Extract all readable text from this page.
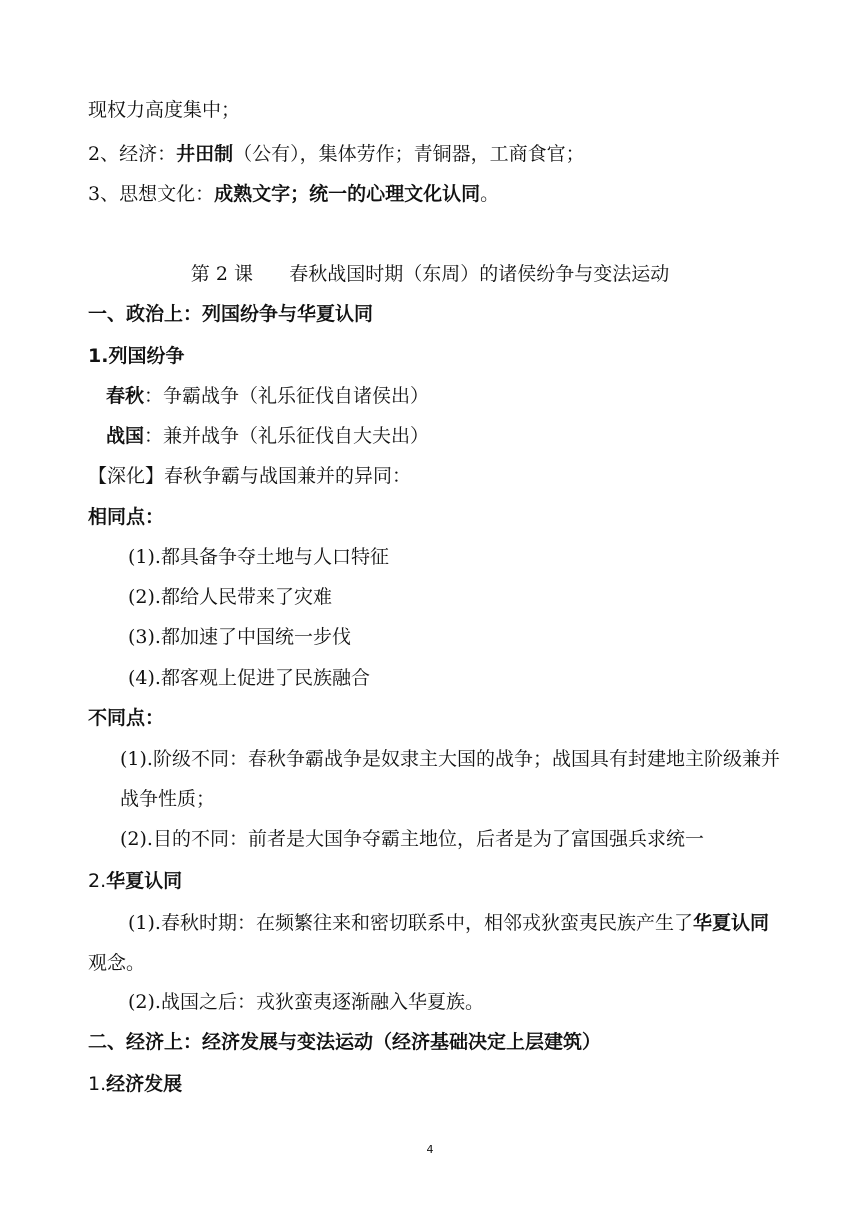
现权力高度集中；
2、经济：井田制（公有），集体劳作；青铜器，工商食官；
3、思想文化：成熟文字；统一的心理文化认同。
第 2 课      春秋战国时期（东周）的诸侯纷争与变法运动
一、政治上：列国纷争与华夏认同
1.列国纷争
春秋：争霸战争（礼乐征伐自诸侯出）
战国：兼并战争（礼乐征伐自大夫出）
【深化】春秋争霸与战国兼并的异同：
相同点：
(1).都具备争夺土地与人口特征
(2).都给人民带来了灾难
(3).都加速了中国统一步伐
(4).都客观上促进了民族融合
不同点：
(1).阶级不同：春秋争霸战争是奴隶主大国的战争；战国具有封建地主阶级兼并战争性质；
(2).目的不同：前者是大国争夺霸主地位，后者是为了富国强兵求统一
2.华夏认同
(1).春秋时期：在频繁往来和密切联系中，相邻戎狄蛮夷民族产生了华夏认同观念。
(2).战国之后：戎狄蛮夷逐渐融入华夏族。
二、经济上：经济发展与变法运动（经济基础决定上层建筑）
1.经济发展
4
